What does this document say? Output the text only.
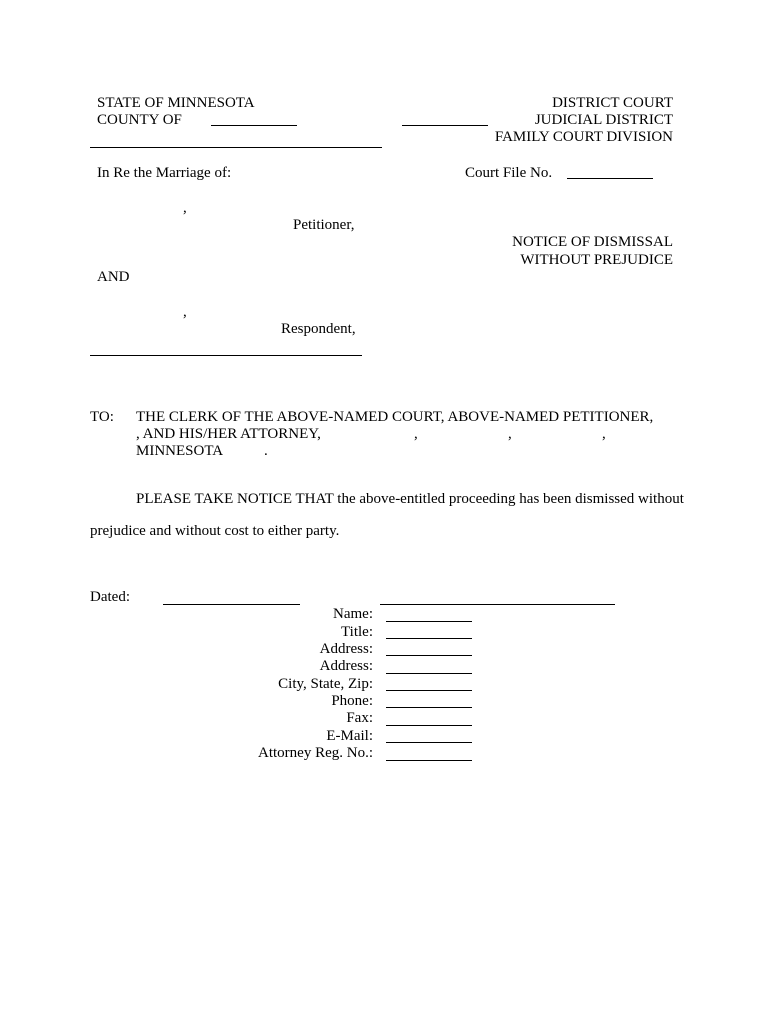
STATE OF MINNESOTA
COUNTY OF
DISTRICT COURT
JUDICIAL DISTRICT
FAMILY COURT DIVISION
In Re the Marriage of:	Court File No.
,
Petitioner,
NOTICE OF DISMISSAL
WITHOUT PREJUDICE
AND
,
Respondent,
TO: THE CLERK OF THE ABOVE-NAMED COURT, ABOVE-NAMED PETITIONER,
, AND HIS/HER ATTORNEY,	,	,	,
MINNESOTA	.
PLEASE TAKE NOTICE THAT the above-entitled proceeding has been dismissed without
prejudice and without cost to either party.
Dated:
Name:
Title:
Address:
Address:
City, State, Zip:
Phone:
Fax:
E-Mail:
Attorney Reg. No.:
